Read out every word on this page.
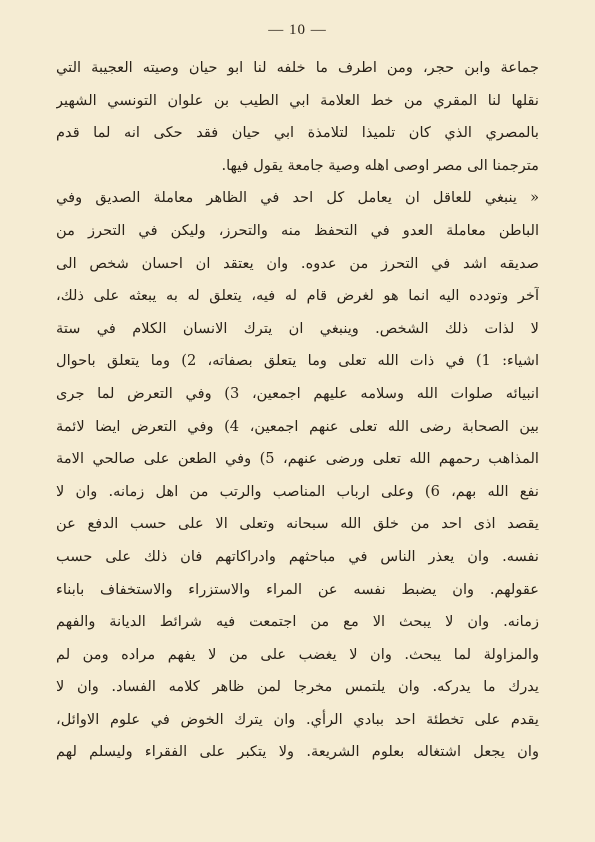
— 10 —
جماعة وابن حجر، ومن اطرف ما خلفه لنا ابو حيان وصيته العجيبة التي
نقلها لنا المقري من خط العلامة ابي الطيب بن علوان التونسي الشهير
بالمصري الذي كان تلميذا لتلامذة ابي حيان فقد حكى انه لما قدم
مترجمنا الى مصر اوصى اهله وصية جامعة يقول فيها.
« ينبغي للعاقل ان يعامل كل احد في الظاهر معاملة الصديق وفي
الباطن معاملة العدو في التحفظ منه والتحرز، وليكن في التحرز من
صديقه اشد في التحرز من عدوه. وان يعتقد ان احسان شخص الى
آخر وتودده اليه انما هو لغرض قام له فيه، يتعلق له به يبعثه على ذلك،
لا لذات ذلك الشخص. وينبغي ان يترك الانسان الكلام في ستة
اشياء: 1) في ذات الله تعلى وما يتعلق بصفاته، 2) وما يتعلق باحوال
انبيائه صلوات الله وسلامه عليهم اجمعين، 3) وفي التعرض لما جرى
بين الصحابة رضى الله تعلى عنهم اجمعين، 4) وفي التعرض ايضا لائمة
المذاهب رحمهم الله تعلى ورضى عنهم، 5) وفي الطعن على صالحي الامة
نفع الله بهم، 6) وعلى ارباب المناصب والرتب من اهل زمانه. وان لا
يقصد اذى احد من خلق الله سبحانه وتعلى الا على حسب الدفع عن
نفسه. وان يعذر الناس في مباحثهم وادراكاتهم فان ذلك على حسب
عقولهم. وان يضبط نفسه عن المراء والاستزراء والاستخفاف بابناء
زمانه. وان لا يبحث الا مع من اجتمعت فيه شرائط الديانة والفهم
والمزاولة لما يبحث. وان لا يغضب على من لا يفهم مراده ومن لم
يدرك ما يدركه. وان يلتمس مخرجا لمن ظاهر كلامه الفساد. وان لا
يقدم على تخطئة احد ببادي الرأي. وان يترك الخوض في علوم الاوائل،
وان يجعل اشتغاله بعلوم الشريعة. ولا يتكبر على الفقراء وليسلم لهم
